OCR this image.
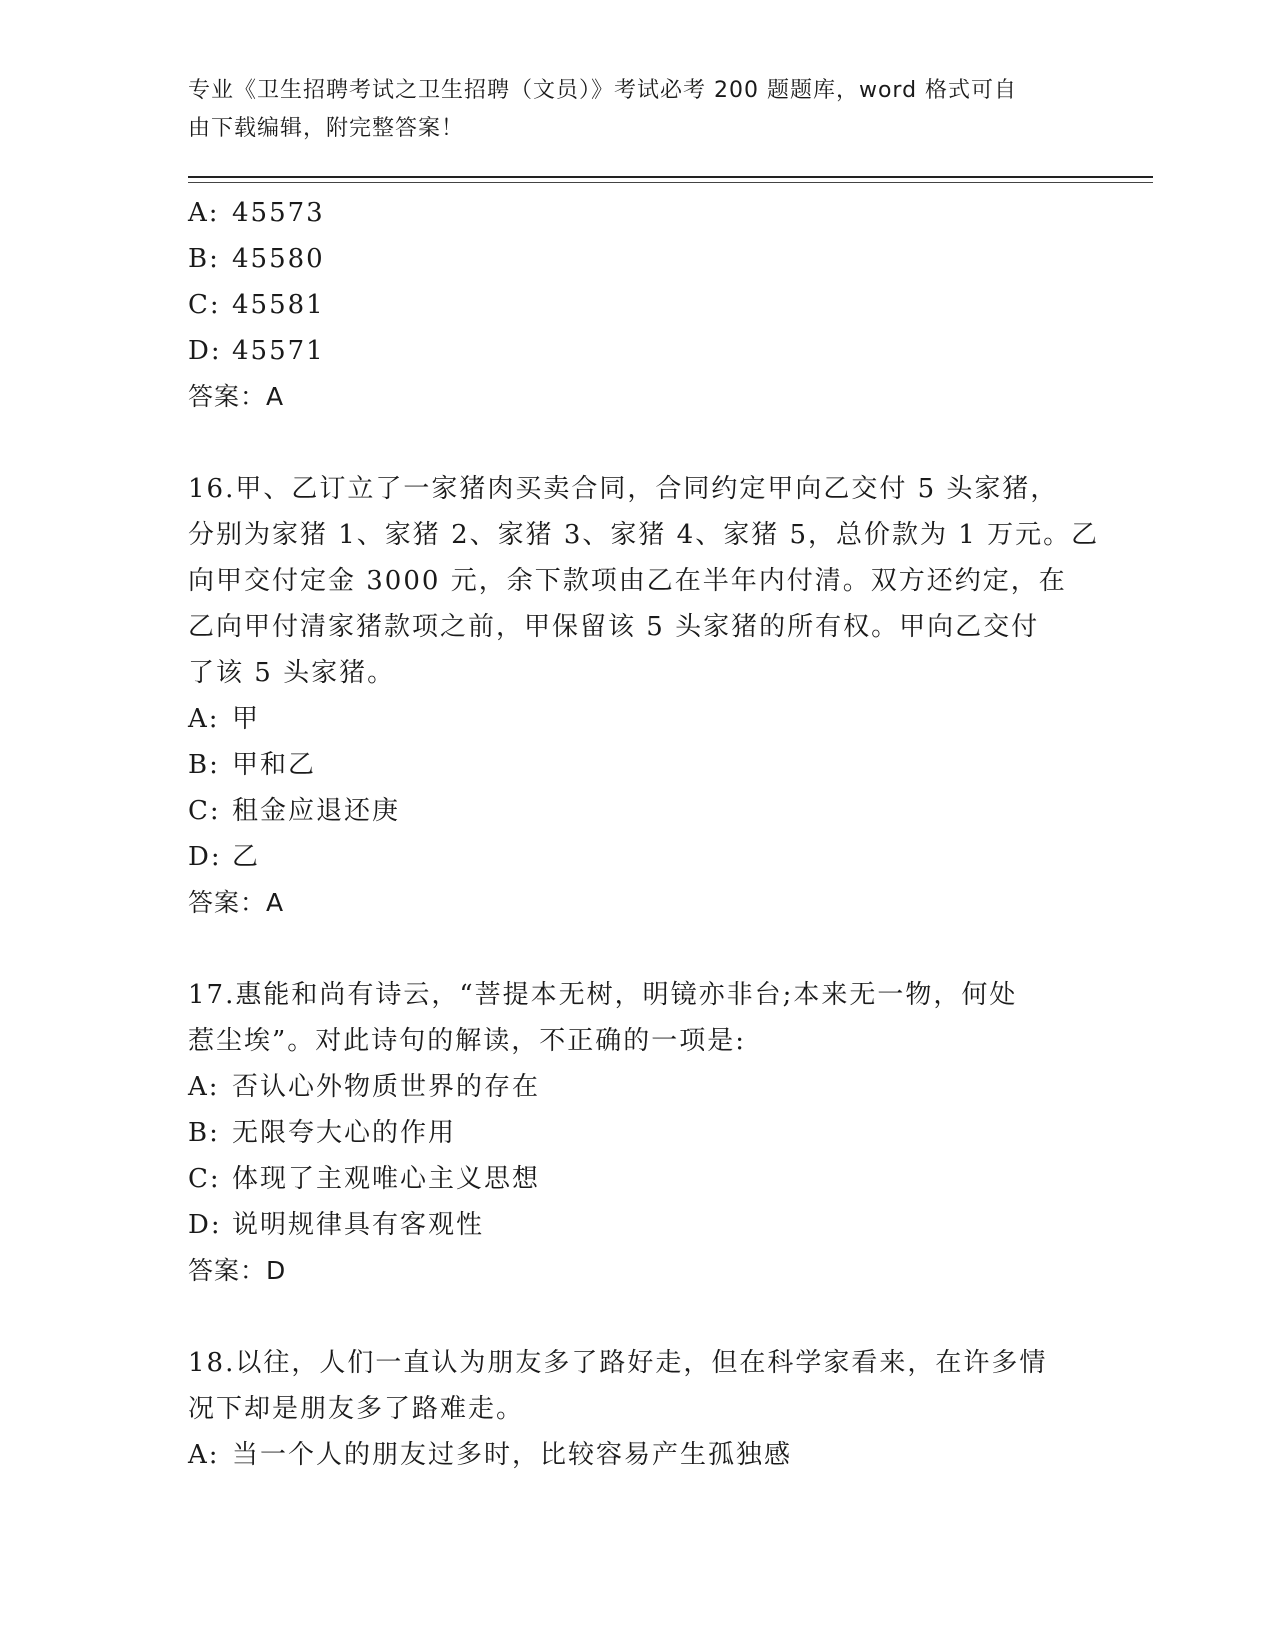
专业《卫生招聘考试之卫生招聘（文员）》考试必考 200 题题库，word 格式可自
由下载编辑，附完整答案！
A: 45573
B: 45580
C: 45581
D: 45571
答案：A
16.甲、乙订立了一家猪肉买卖合同，合同约定甲向乙交付 5 头家猪，
分别为家猪 1、家猪 2、家猪 3、家猪 4、家猪 5，总价款为 1 万元。乙
向甲交付定金 3000 元，余下款项由乙在半年内付清。双方还约定，在
乙向甲付清家猪款项之前，甲保留该 5 头家猪的所有权。甲向乙交付
了该 5 头家猪。
A: 甲
B: 甲和乙
C: 租金应退还庚
D: 乙
答案：A
17.惠能和尚有诗云，“菩提本无树，明镜亦非台;本来无一物，何处
惹尘埃”。对此诗句的解读，不正确的一项是:
A: 否认心外物质世界的存在
B: 无限夸大心的作用
C: 体现了主观唯心主义思想
D: 说明规律具有客观性
答案：D
18.以往，人们一直认为朋友多了路好走，但在科学家看来，在许多情
况下却是朋友多了路难走。
A: 当一个人的朋友过多时，比较容易产生孤独感
